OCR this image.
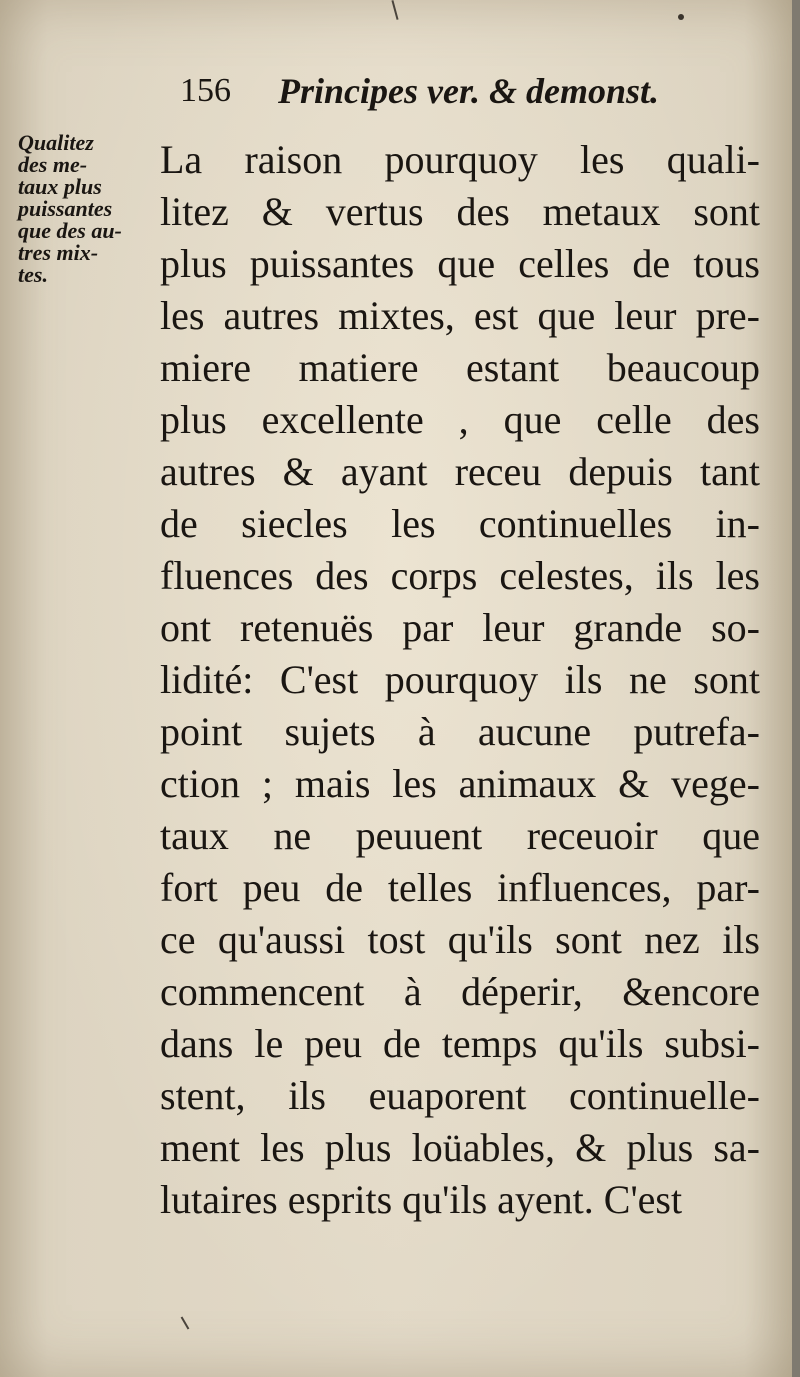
156 Principes ver. & demonst.
Qualitez
des me-
taux plus
puissantes
que des au-
tres mix-
tes.
La raison pourquoy les quali-
litez & vertus des metaux sont
plus puissantes que celles de tous
les autres mixtes, est que leur pre-
miere matiere estant beaucoup
plus excellente , que celle des
autres & ayant receu depuis tant
de siecles les continuelles in-
fluences des corps celestes, ils les
ont retenuës par leur grande so-
lidité: C'est pourquoy ils ne sont
point sujets à aucune putrefa-
ction ; mais les animaux & vege-
taux ne peuuent receuoir que
fort peu de telles influences, par-
ce qu'aussi tost qu'ils sont nez ils
commencent à déperir, &encore
dans le peu de temps qu'ils subsi-
stent, ils euaporent continuelle-
ment les plus loüables, & plus sa-
lutaires esprits qu'ils ayent. C'est
